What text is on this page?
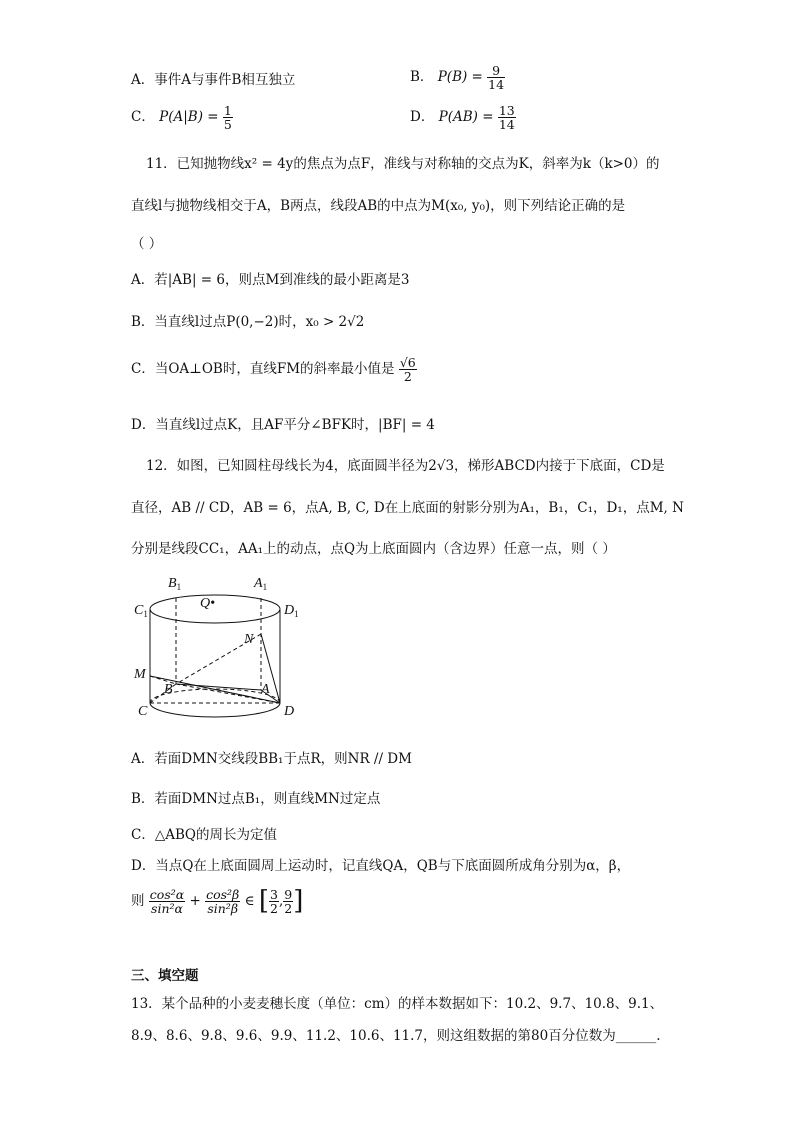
A．事件A与事件B相互独立	B． $P(B) = \frac{9}{14}$
C． $P(A|B) = \frac{1}{5}$	D． $P(AB) = \frac{13}{14}$
11．已知抛物线x² = 4y的焦点为点F，准线与对称轴的交点为K，斜率为k（k>0）的
直线l与抛物线相交于A，B两点，线段AB的中点为M(x₀, y₀)，则下列结论正确的是
（ ）
A．若|AB| = 6，则点M到准线的最小距离是3
B．当直线l过点P(0,−2)时，x₀ > 2√2
C．当OA⊥OB时，直线FM的斜率最小值是 $\frac{√6}{2}$
D．当直线l过点K，且AF平分∠BFK时，|BF| = 4
12．如图，已知圆柱母线长为4，底面圆半径为2√3，梯形ABCD内接于下底面，CD是
直径，AB // CD，AB = 6，点A, B, C, D在上底面的射影分别为A₁，B₁，C₁，D₁，点M, N
分别是线段CC₁，AA₁上的动点，点Q为上底面圆内（含边界）任意一点，则（ ）
$B_1$	$A_1$
$C_1$	$D_1$
Q•
N
M
B	A
C	D
A．若面DMN交线段BB₁于点R，则NR // DM
B．若面DMN过点B₁，则直线MN过定点
C．△ABQ的周长为定值
D．当点Q在上底面圆周上运动时，记直线QA，QB与下底面圆所成角分别为α，β，
则 $\frac{\text{cos²α}}{\text{sin²α}} + \frac{\text{cos²β}}{\text{sin²β}}$ ∈ [ $\frac{3}{2}$ , $\frac{9}{2}$ ]
三、填空题
13．某个品种的小麦麦穗长度（单位：cm）的样本数据如下：10.2、9.7、10.8、9.1、
8.9、8.6、9.8、9.6、9.9、11.2、10.6、11.7，则这组数据的第80百分位数为______.
